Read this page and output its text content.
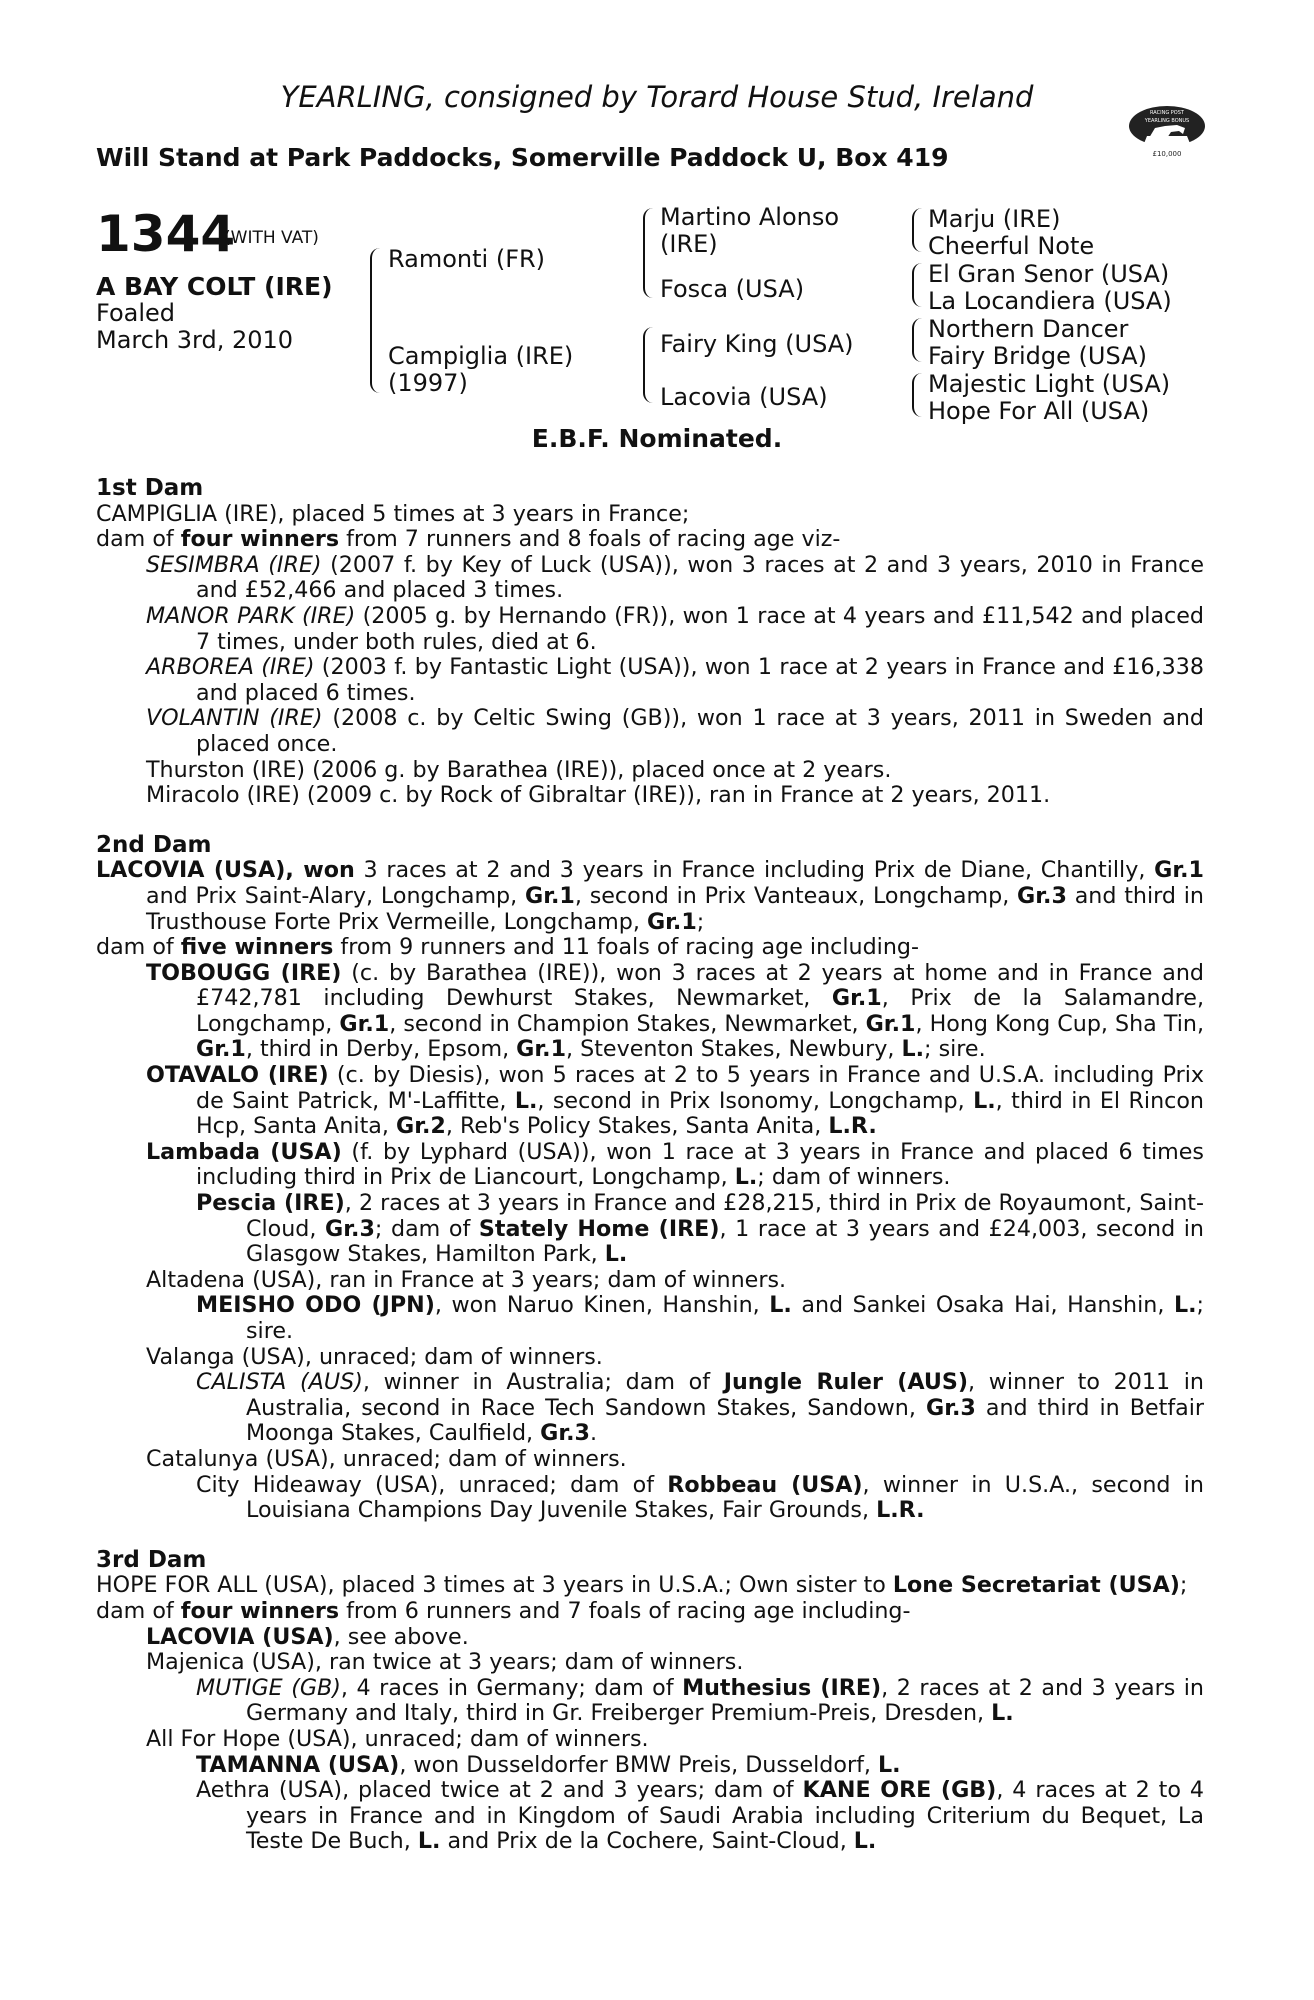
YEARLING, consigned by Torard House Stud, Ireland
Will Stand at Park Paddocks, Somerville Paddock U, Box 419
RACING POST
YEARLING BONUS
£10,000
1344
(WITH VAT)
A BAY COLT (IRE)
Foaled
March 3rd, 2010
Ramonti (FR)
Campiglia (IRE)
(1997)
Martino Alonso
(IRE)
Fosca (USA)
Fairy King (USA)
Lacovia (USA)
Marju (IRE)
Cheerful Note
El Gran Senor (USA)
La Locandiera (USA)
Northern Dancer
Fairy Bridge (USA)
Majestic Light (USA)
Hope For All (USA)
E.B.F. Nominated.

1st Dam

CAMPIGLIA (IRE), placed 5 times at 3 years in France;

dam of four winners from 7 runners and 8 foals of racing age viz-

SESIMBRA (IRE) (2007 f. by Key of Luck (USA)), won 3 races at 2 and 3 years, 2010 in France and £52,466 and placed 3 times.

MANOR PARK (IRE) (2005 g. by Hernando (FR)), won 1 race at 4 years and £11,542 and placed 7 times, under both rules, died at 6.

ARBOREA (IRE) (2003 f. by Fantastic Light (USA)), won 1 race at 2 years in France and £16,338 and placed 6 times.

VOLANTIN (IRE) (2008 c. by Celtic Swing (GB)), won 1 race at 3 years, 2011 in Sweden and placed once.

Thurston (IRE) (2006 g. by Barathea (IRE)), placed once at 2 years.

Miracolo (IRE) (2009 c. by Rock of Gibraltar (IRE)), ran in France at 2 years, 2011.

2nd Dam

LACOVIA (USA), won 3 races at 2 and 3 years in France including Prix de Diane, Chantilly, Gr.1 and Prix Saint-Alary, Longchamp, Gr.1, second in Prix Vanteaux, Longchamp, Gr.3 and third in Trusthouse Forte Prix Vermeille, Longchamp, Gr.1;

dam of five winners from 9 runners and 11 foals of racing age including-

TOBOUGG (IRE) (c. by Barathea (IRE)), won 3 races at 2 years at home and in France and £742,781 including Dewhurst Stakes, Newmarket, Gr.1, Prix de la Salamandre, Longchamp, Gr.1, second in Champion Stakes, Newmarket, Gr.1, Hong Kong Cup, Sha Tin, Gr.1, third in Derby, Epsom, Gr.1, Steventon Stakes, Newbury, L.; sire.

OTAVALO (IRE) (c. by Diesis), won 5 races at 2 to 5 years in France and U.S.A. including Prix de Saint Patrick, M'-Laffitte, L., second in Prix Isonomy, Longchamp, L., third in El Rincon Hcp, Santa Anita, Gr.2, Reb's Policy Stakes, Santa Anita, L.R.

Lambada (USA) (f. by Lyphard (USA)), won 1 race at 3 years in France and placed 6 times including third in Prix de Liancourt, Longchamp, L.; dam of winners.

Pescia (IRE), 2 races at 3 years in France and £28,215, third in Prix de Royaumont, Saint-Cloud, Gr.3; dam of Stately Home (IRE), 1 race at 3 years and £24,003, second in Glasgow Stakes, Hamilton Park, L.

Altadena (USA), ran in France at 3 years; dam of winners.

MEISHO ODO (JPN), won Naruo Kinen, Hanshin, L. and Sankei Osaka Hai, Hanshin, L.; sire.

Valanga (USA), unraced; dam of winners.

CALISTA (AUS), winner in Australia; dam of Jungle Ruler (AUS), winner to 2011 in Australia, second in Race Tech Sandown Stakes, Sandown, Gr.3 and third in Betfair Moonga Stakes, Caulfield, Gr.3.

Catalunya (USA), unraced; dam of winners.

City Hideaway (USA), unraced; dam of Robbeau (USA), winner in U.S.A., second in Louisiana Champions Day Juvenile Stakes, Fair Grounds, L.R.

3rd Dam

HOPE FOR ALL (USA), placed 3 times at 3 years in U.S.A.; Own sister to Lone Secretariat (USA);

dam of four winners from 6 runners and 7 foals of racing age including-

LACOVIA (USA), see above.

Majenica (USA), ran twice at 3 years; dam of winners.

MUTIGE (GB), 4 races in Germany; dam of Muthesius (IRE), 2 races at 2 and 3 years in Germany and Italy, third in Gr. Freiberger Premium-Preis, Dresden, L.

All For Hope (USA), unraced; dam of winners.

TAMANNA (USA), won Dusseldorfer BMW Preis, Dusseldorf, L.

Aethra (USA), placed twice at 2 and 3 years; dam of KANE ORE (GB), 4 races at 2 to 4 years in France and in Kingdom of Saudi Arabia including Criterium du Bequet, La Teste De Buch, L. and Prix de la Cochere, Saint-Cloud, L.
